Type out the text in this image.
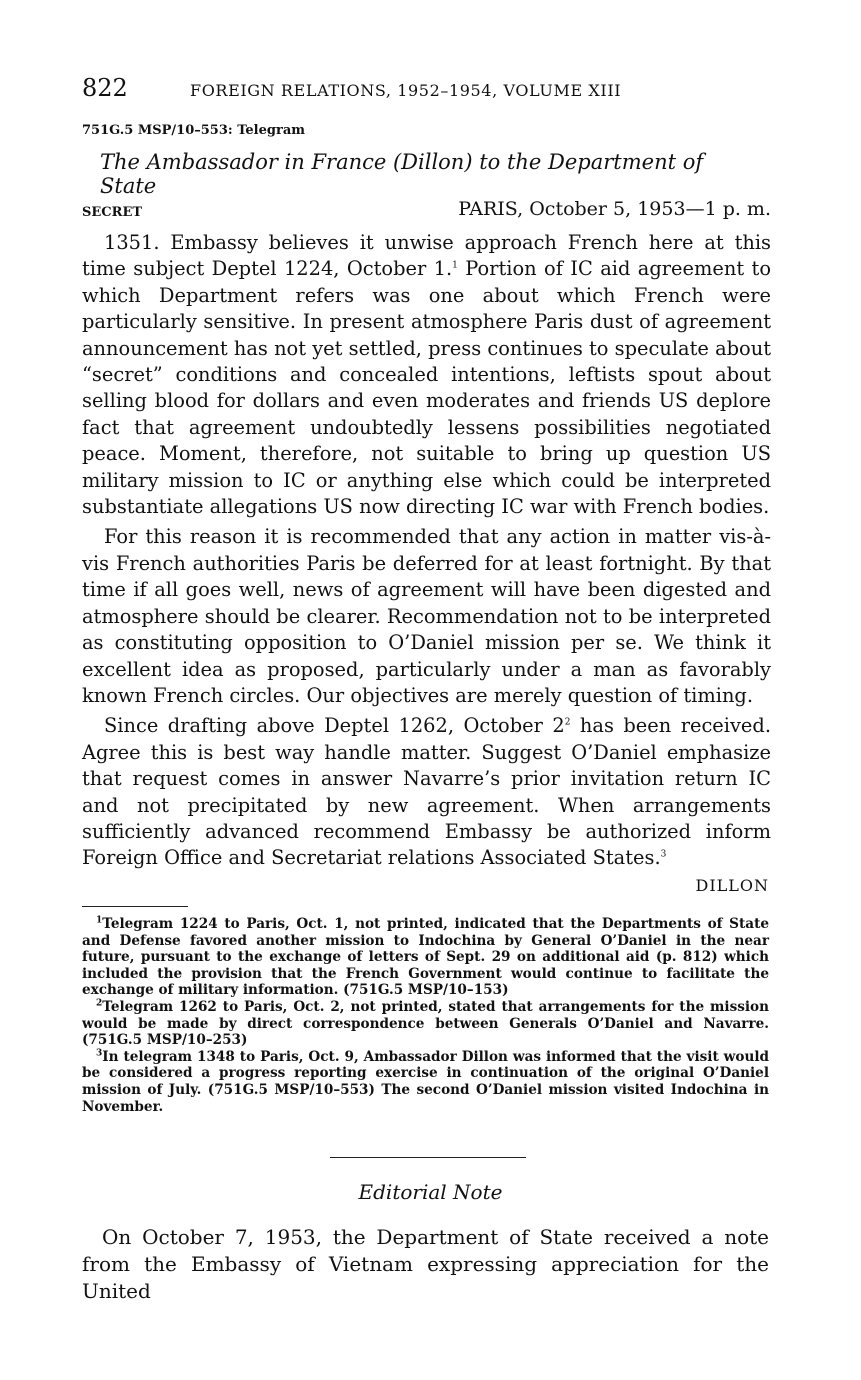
822	FOREIGN RELATIONS, 1952–1954, VOLUME XIII
751G.5 MSP/10–553: Telegram
The Ambassador in France (Dillon) to the Department of State
SECRET	PARIS, October 5, 1953—1 p. m.

1351. Embassy believes it unwise approach French here at this time subject Deptel 1224, October 1.$^1$ Portion of IC aid agreement to which Department refers was one about which French were particularly sensitive. In present atmosphere Paris dust of agreement announcement has not yet settled, press continues to speculate about “secret” conditions and concealed intentions, leftists spout about selling blood for dollars and even moderates and friends US deplore fact that agreement undoubtedly lessens possibilities negotiated peace. Moment, therefore, not suitable to bring up question US military mission to IC or anything else which could be interpreted substantiate allegations US now directing IC war with French bodies.

For this reason it is recommended that any action in matter vis-à-vis French authorities Paris be deferred for at least fortnight. By that time if all goes well, news of agreement will have been digested and atmosphere should be clearer. Recommendation not to be interpreted as constituting opposition to O’Daniel mission per se. We think it excellent idea as proposed, particularly under a man as favorably known French circles. Our objectives are merely question of timing.

Since drafting above Deptel 1262, October $2^2$ has been received. Agree this is best way handle matter. Suggest O’Daniel emphasize that request comes in answer Navarre’s prior invitation return IC and not precipitated by new agreement. When arrangements sufficiently advanced recommend Embassy be authorized inform Foreign Office and Secretariat relations Associated States.$^3$

DILLON

$^1$Telegram 1224 to Paris, Oct. 1, not printed, indicated that the Departments of State and Defense favored another mission to Indochina by General O’Daniel in the near future, pursuant to the exchange of letters of Sept. 29 on additional aid (p. 812) which included the provision that the French Government would continue to facilitate the exchange of military information. (751G.5 MSP/10–153)

$^2$Telegram 1262 to Paris, Oct. 2, not printed, stated that arrangements for the mission would be made by direct correspondence between Generals O’Daniel and Navarre. (751G.5 MSP/10–253)

$^3$In telegram 1348 to Paris, Oct. 9, Ambassador Dillon was informed that the visit would be considered a progress reporting exercise in continuation of the original O’Daniel mission of July. (751G.5 MSP/10–553) The second O’Daniel mission visited Indochina in November.

Editorial Note

On October 7, 1953, the Department of State received a note from the Embassy of Vietnam expressing appreciation for the United
